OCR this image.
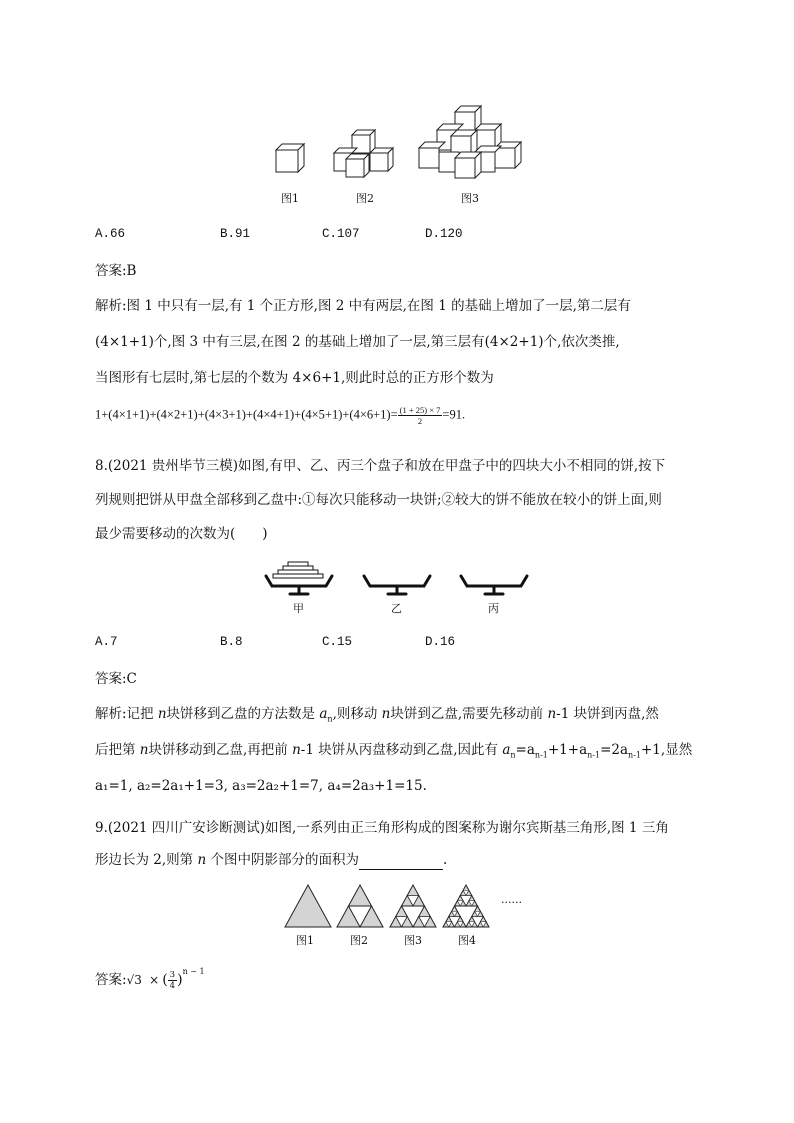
图1	图2	图3
A.66	B.91	C.107	D.120
答案:B
解析:图 1 中只有一层,有 1 个正方形,图 2 中有两层,在图 1 的基础上增加了一层,第二层有
(4×1+1)个,图 3 中有三层,在图 2 的基础上增加了一层,第三层有(4×2+1)个,依次类推,
当图形有七层时,第七层的个数为 4×6+1,则此时总的正方形个数为
$1+(4\times 1+1)+(4\times 2+1)+(4\times 3+1)+(4\times 4+1)+(4\times 5+1)+(4\times 6+1)= \frac{(1 + 25) \times 7}{2} =91$.
8.(2021 贵州毕节三模)如图,有甲、乙、丙三个盘子和放在甲盘子中的四块大小不相同的饼,按下
列规则把饼从甲盘全部移到乙盘中:①每次只能移动一块饼;②较大的饼不能放在较小的饼上面,则
最少需要移动的次数为(　　)
甲	乙	丙
A.7	B.8	C.15	D.16
答案:C
解析:记把 n块饼移到乙盘的方法数是 $a_n$,则移动 n块饼到乙盘,需要先移动前 n-1 块饼到丙盘,然
后把第 n块饼移动到乙盘,再把前 n-1 块饼从丙盘移动到乙盘,因此有 $a_n=a_{n-1}+1+a_{n-1}=2a_{n-1}+1$,显然
a₁=1, a₂=2a₁+1=3, a₃=2a₂+1=7, a₄=2a₃+1=15.
9.(2021 四川广安诊断测试)如图,一系列由正三角形构成的图案称为谢尔宾斯基三角形,图 1 三角
形边长为 2,则第 n 个图中阴影部分的面积为	.
......
图1	图2	图3	图4
答案:√3 × ( $\frac{3}{4} )^{n - 1}$
